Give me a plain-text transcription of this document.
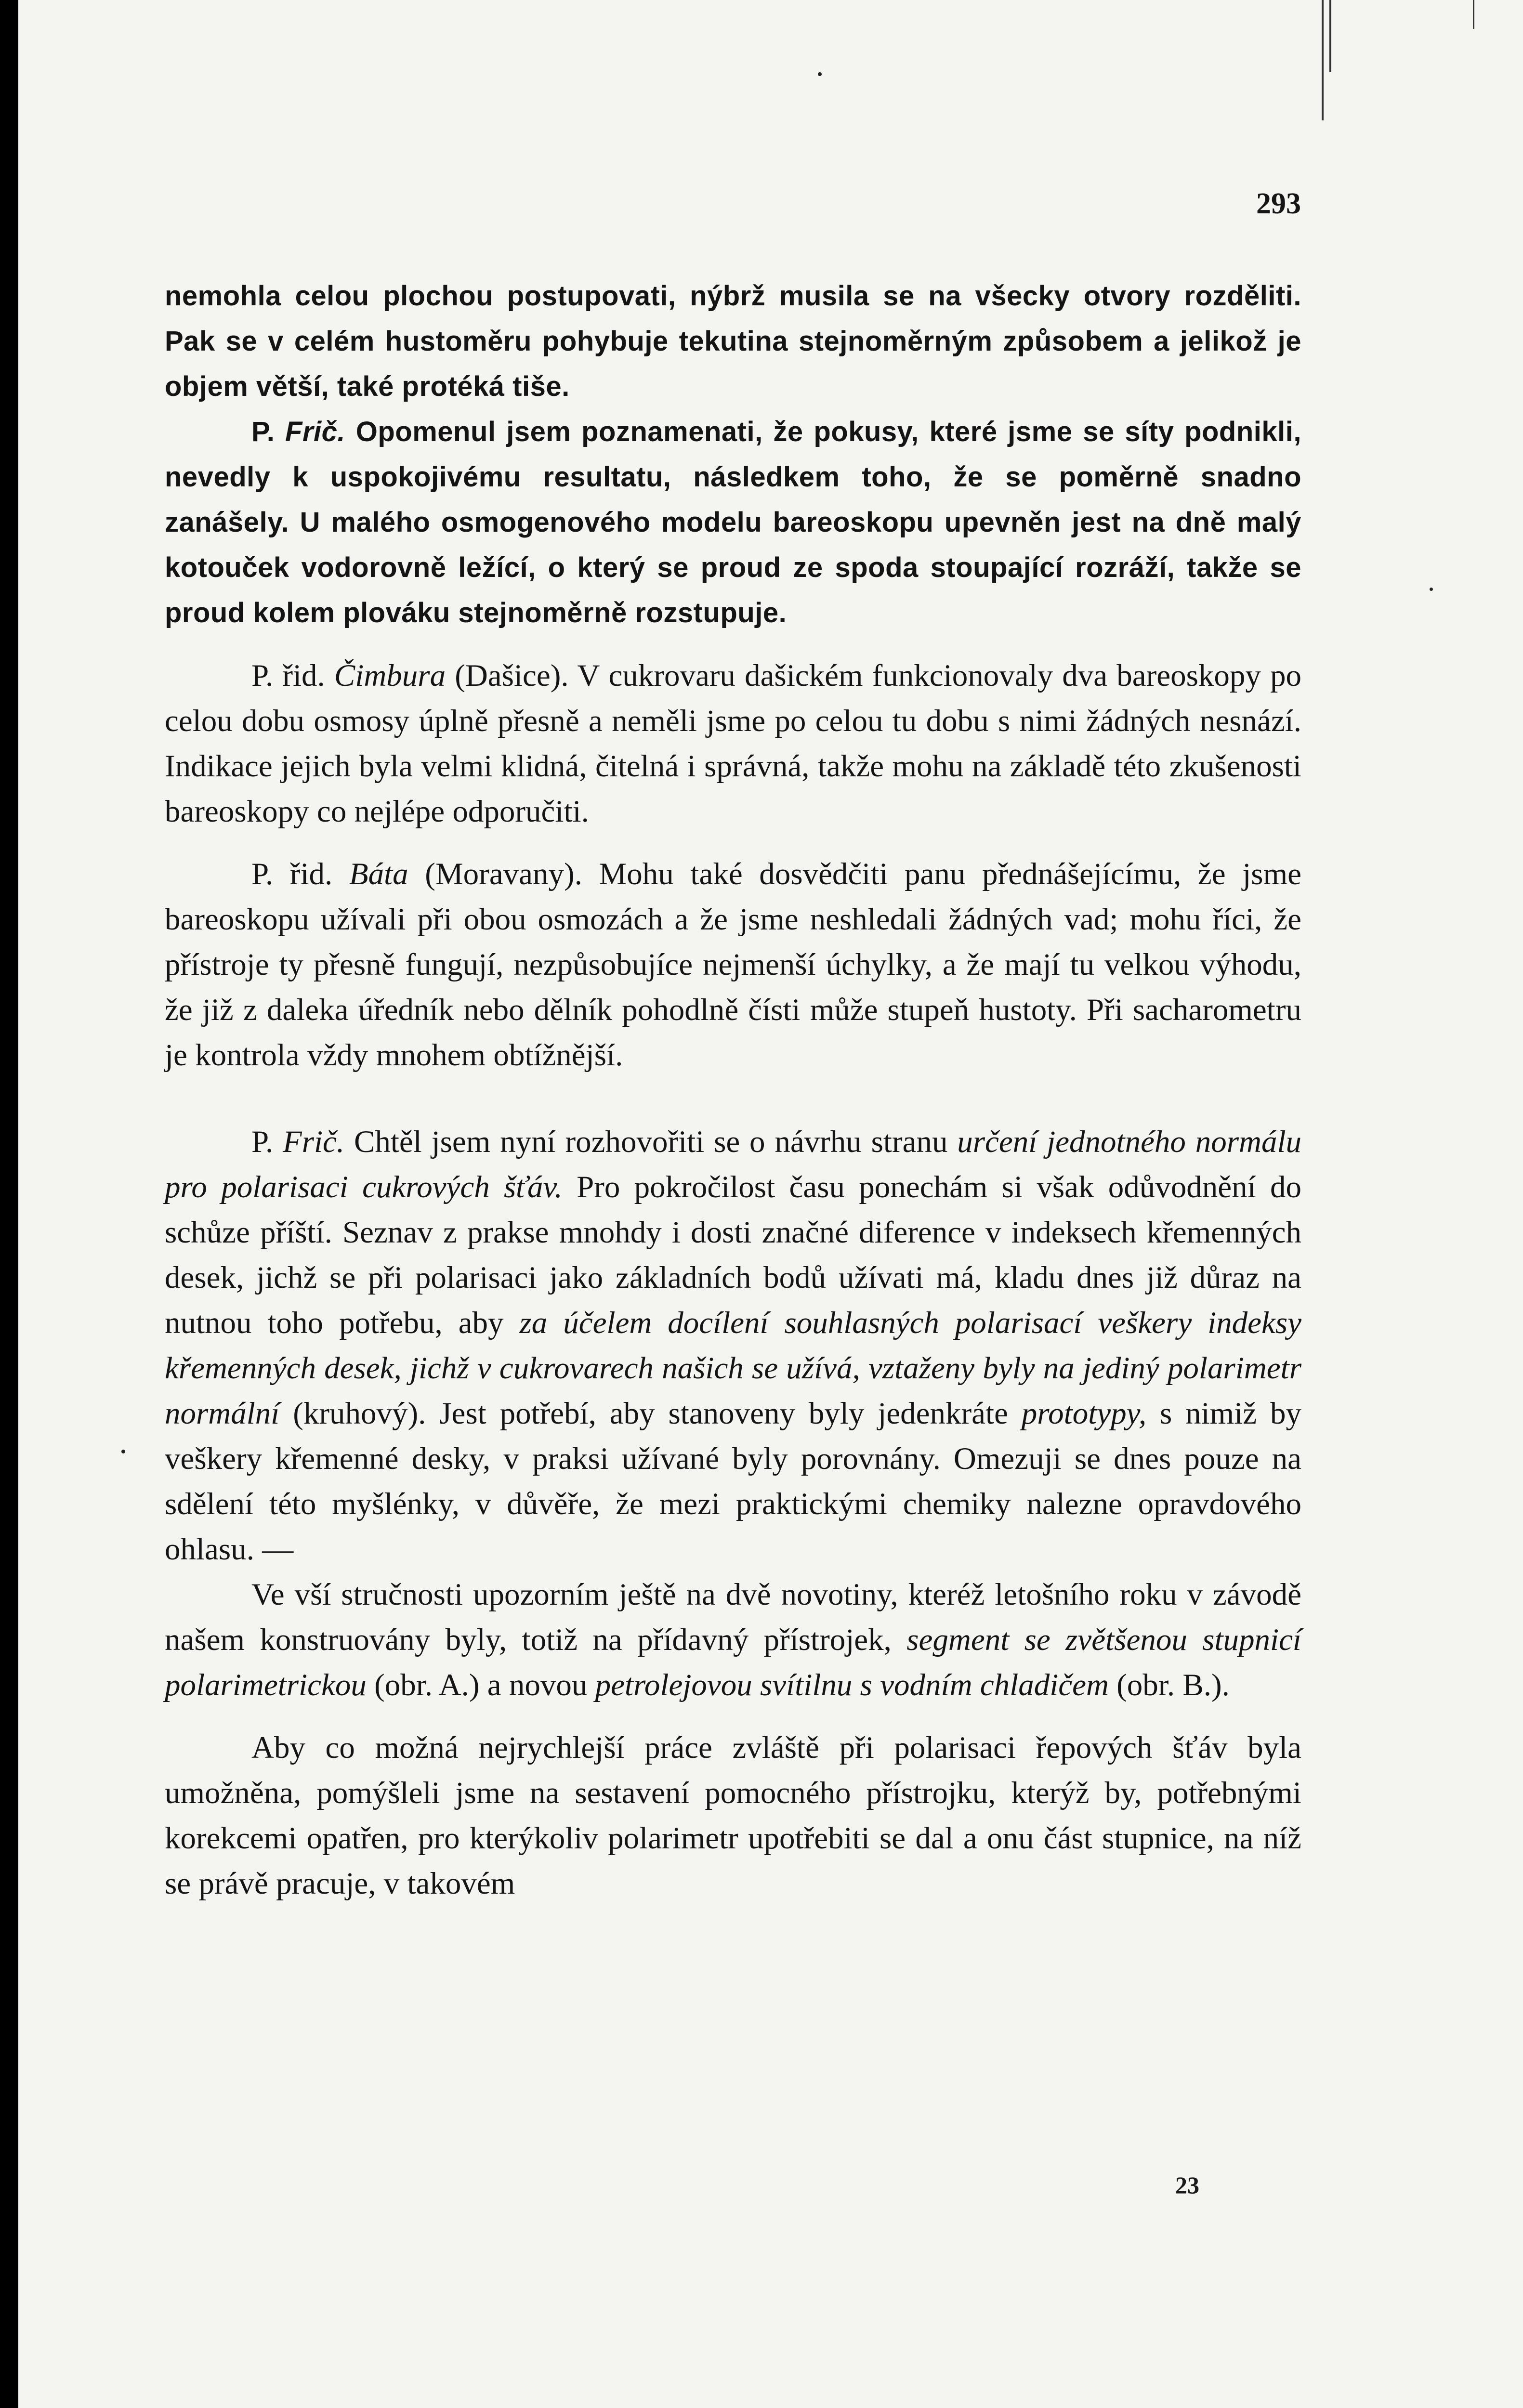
293

nemohla celou plochou postupovati, nýbrž musila se na všecky otvory rozděliti. Pak se v celém hustoměru pohybuje tekutina stejnoměrným způsobem a jelikož je objem větší, také protéká tiše.

P. Frič. Opomenul jsem poznamenati, že pokusy, které jsme se síty podnikli, nevedly k uspokojivému resultatu, následkem toho, že se poměrně snadno zanášely. U malého osmogenového modelu bareoskopu upevněn jest na dně malý kotouček vodorovně ležící, o který se proud ze spoda stoupající rozráží, takže se proud kolem plováku stejnoměrně rozstupuje.

P. řid. Čimbura (Dašice). V cukrovaru dašickém funkcionovaly dva bareoskopy po celou dobu osmosy úplně přesně a neměli jsme po celou tu dobu s nimi žádných nesnází. Indikace jejich byla velmi klidná, čitelná i správná, takže mohu na základě této zkušenosti bareoskopy co nejlépe odporučiti.

P. řid. Báta (Moravany). Mohu také dosvědčiti panu přednášejícímu, že jsme bareoskopu užívali při obou osmozách a že jsme neshledali žádných vad; mohu říci, že přístroje ty přesně fungují, nezpůsobujíce nejmenší úchylky, a že mají tu velkou výhodu, že již z daleka úředník nebo dělník pohodlně čísti může stupeň hustoty. Při sacharometru je kontrola vždy mnohem obtížnější.

P. Frič. Chtěl jsem nyní rozhovořiti se o návrhu stranu určení jednotného normálu pro polarisaci cukrových šťáv. Pro pokročilost času ponechám si však odůvodnění do schůze příští. Seznav z prakse mnohdy i dosti značné diference v indeksech křemenných desek, jichž se při polarisaci jako základních bodů užívati má, kladu dnes již důraz na nutnou toho potřebu, aby za účelem docílení souhlasných polarisací veškery indeksy křemenných desek, jichž v cukrovarech našich se užívá, vztaženy byly na jediný polarimetr normální (kruhový). Jest potřebí, aby stanoveny byly jedenkráte prototypy, s nimiž by veškery křemenné desky, v praksi užívané byly porovnány. Omezuji se dnes pouze na sdělení této myšlénky, v důvěře, že mezi praktickými chemiky nalezne opravdového ohlasu. —

Ve vší stručnosti upozorním ještě na dvě novotiny, kteréž letošního roku v závodě našem konstruovány byly, totiž na přídavný přístrojek, segment se zvětšenou stupnicí polarimetrickou (obr. A.) a novou petrolejovou svítilnu s vodním chladičem (obr. B.).

Aby co možná nejrychlejší práce zvláště při polarisaci řepových šťáv byla umožněna, pomýšleli jsme na sestavení pomocného přístrojku, kterýž by, potřebnými korekcemi opatřen, pro kterýkoliv polarimetr upotřebiti se dal a onu část stupnice, na níž se právě pracuje, v takovém

23
